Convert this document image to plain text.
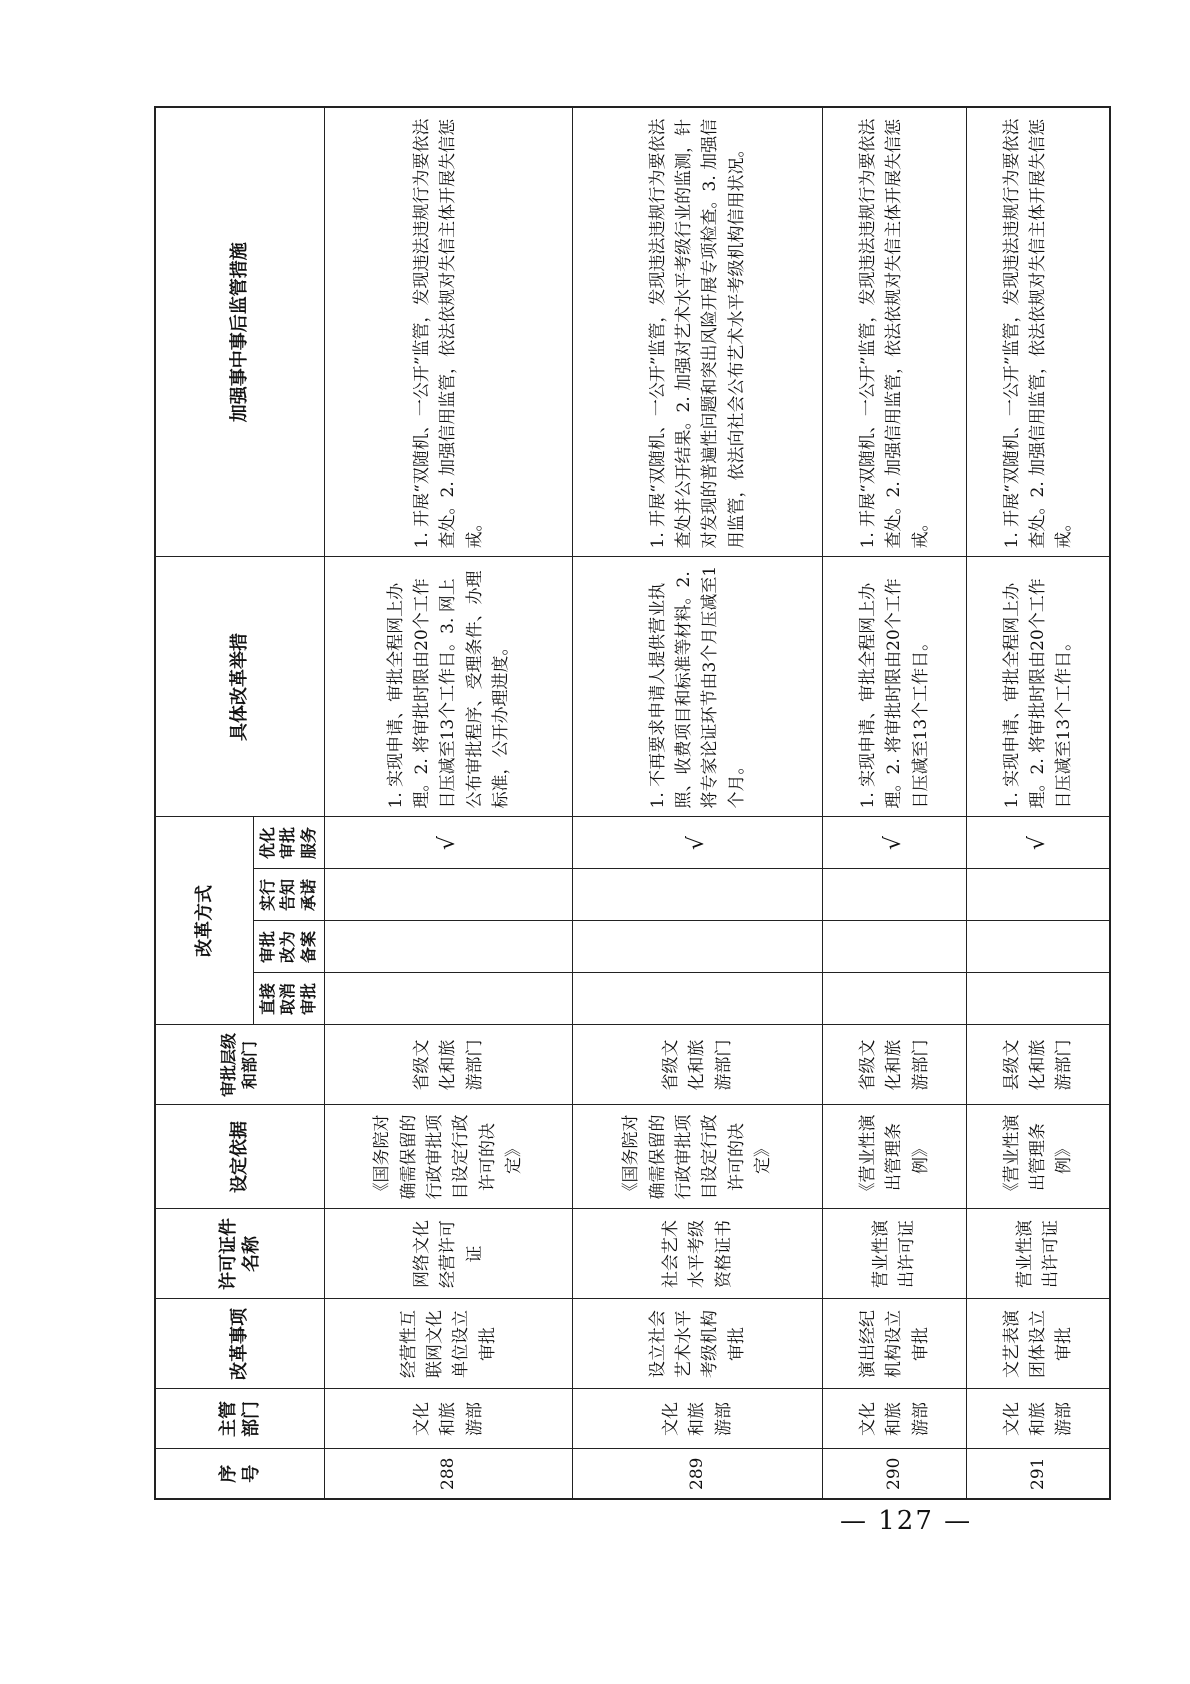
序号	主管部门	改革事项	许可证件名称	设定依据	审批层级和部门	改革方式				具体改革举措	加强事中事后监管措施
						直接取消审批	审批改为备案	实行告知承诺	优化审批服务		
288	文化和旅游部	经营性互联网文化单位设立审批	网络文化经营许可证	《国务院对确需保留的行政审批项目设定行政许可的决定》	省级文化和旅游部门				√	1. 实现申请、审批全程网上办理。2. 将审批时限由20个工作日压减至13个工作日。3. 网上公布审批程序、受理条件、办理标准，公开办理进度。	1. 开展“双随机、一公开”监管，发现违法违规行为要依法查处。2. 加强信用监管，依法依规对失信主体开展失信惩戒。
289	文化和旅游部	设立社会艺术水平考级机构审批	社会艺术水平考级资格证书	《国务院对确需保留的行政审批项目设定行政许可的决定》	省级文化和旅游部门				√	1. 不再要求申请人提供营业执照、收费项目和标准等材料。2. 将专家论证环节由3个月压减至1个月。	1. 开展“双随机、一公开”监管，发现违法违规行为要依法查处并公开结果。2. 加强对艺术水平考级行业的监测，针对发现的普遍性问题和突出风险开展专项检查。3. 加强信用监管，依法向社会公布艺术水平考级机构信用状况。
290	文化和旅游部	演出经纪机构设立审批	营业性演出许可证	《营业性演出管理条例》	省级文化和旅游部门				√	1. 实现申请、审批全程网上办理。2. 将审批时限由20个工作日压减至13个工作日。	1. 开展“双随机、一公开”监管，发现违法违规行为要依法查处。2. 加强信用监管，依法依规对失信主体开展失信惩戒。
291	文化和旅游部	文艺表演团体设立审批	营业性演出许可证	《营业性演出管理条例》	县级文化和旅游部门				√	1. 实现申请、审批全程网上办理。2. 将审批时限由20个工作日压减至13个工作日。	1. 开展“双随机、一公开”监管，发现违法违规行为要依法查处。2. 加强信用监管，依法依规对失信主体开展失信惩戒。
— 127 —
